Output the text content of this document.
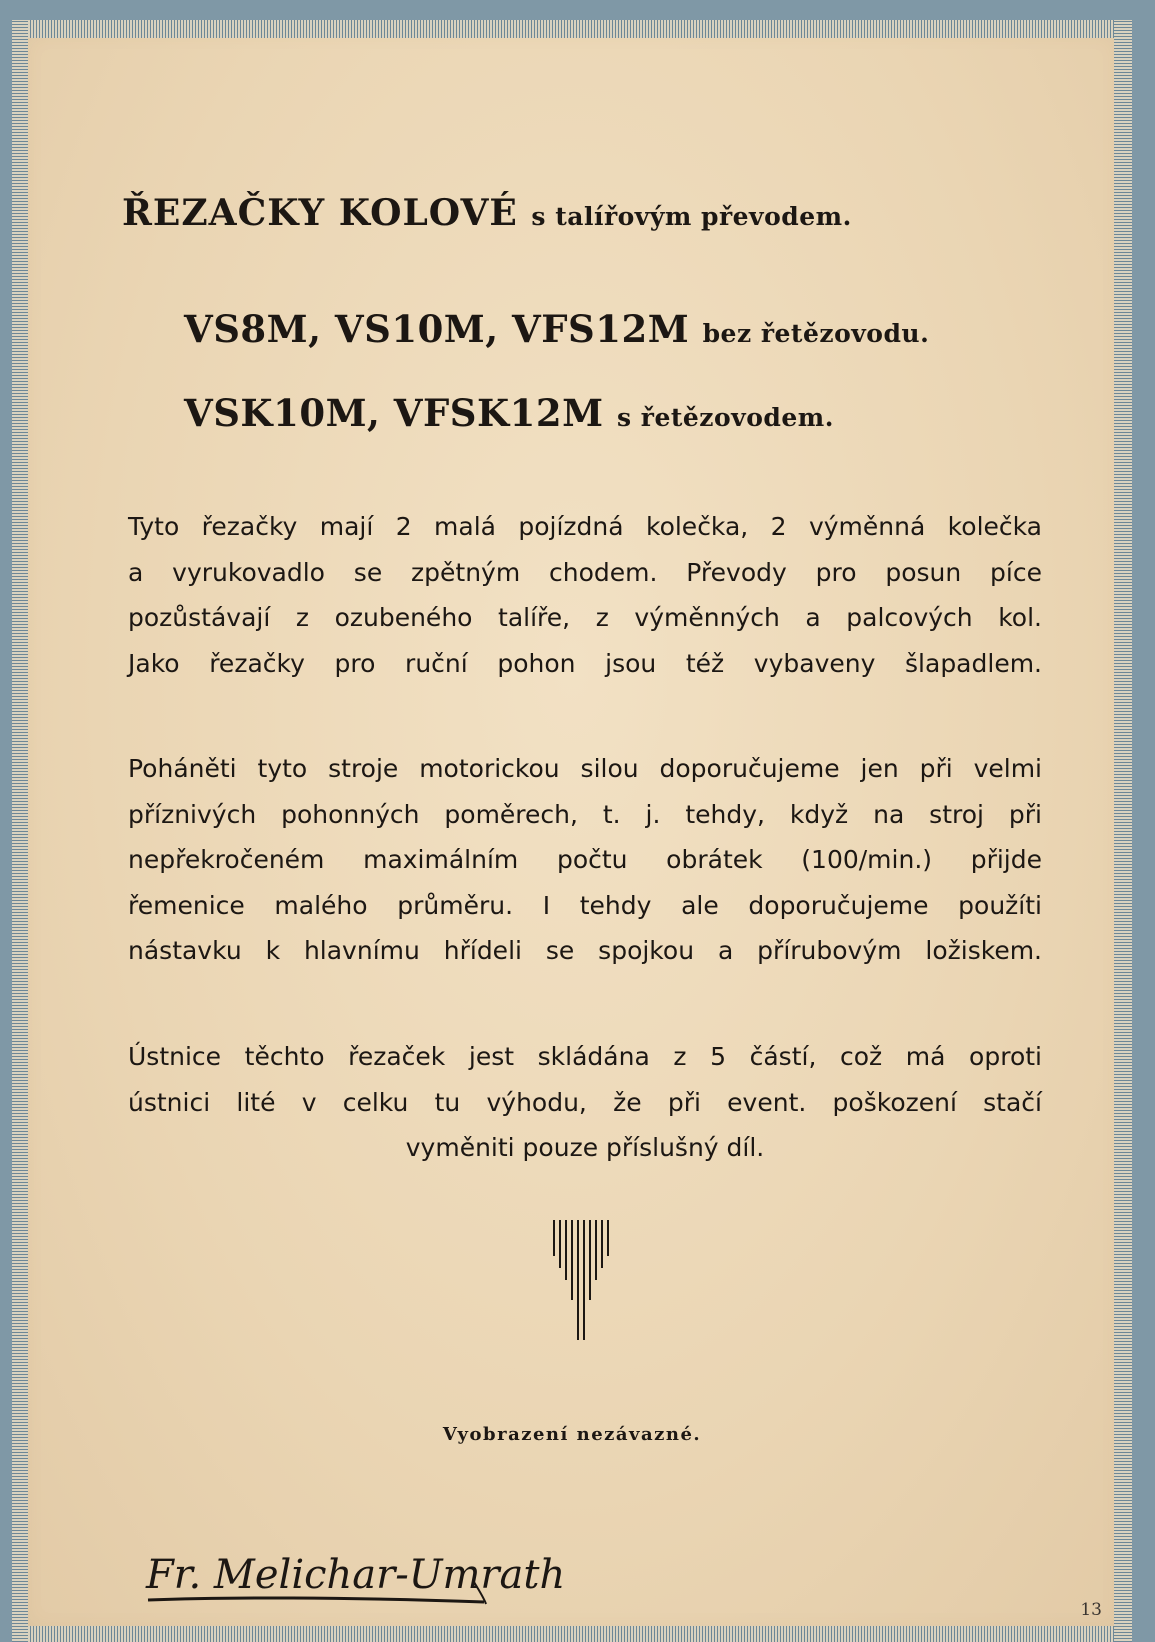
ŘEZAČKY KOLOVÉ s talířovým převodem.
VS8M, VS10M, VFS12M bez řetězovodu.
VSK10M, VFSK12M s řetězovodem.

Tyto řezačky mají 2 malá pojízdná kolečka, 2 výměnná kolečka
a vyrukovadlo se zpětným chodem. Převody pro posun píce
pozůstávají z ozubeného talíře, z výměnných a palcových kol.
Jako řezačky pro ruční pohon jsou též vybaveny šlapadlem.

Poháněti tyto stroje motorickou silou doporučujeme jen při velmi
příznivých pohonných poměrech, t. j. tehdy, když na stroj při
nepřekročeném maximálním počtu obrátek (100/min.) přijde
řemenice malého průměru. I tehdy ale doporučujeme použíti
nástavku k hlavnímu hřídeli se spojkou a přírubovým ložiskem.

Ústnice těchto řezaček jest skládána z 5 částí, což má oproti
ústnici lité v celku tu výhodu, že při event. poškození stačí
vyměniti pouze příslušný díl.

Vyobrazení nezávazné.

Fr. Melichar-Umrath
13
